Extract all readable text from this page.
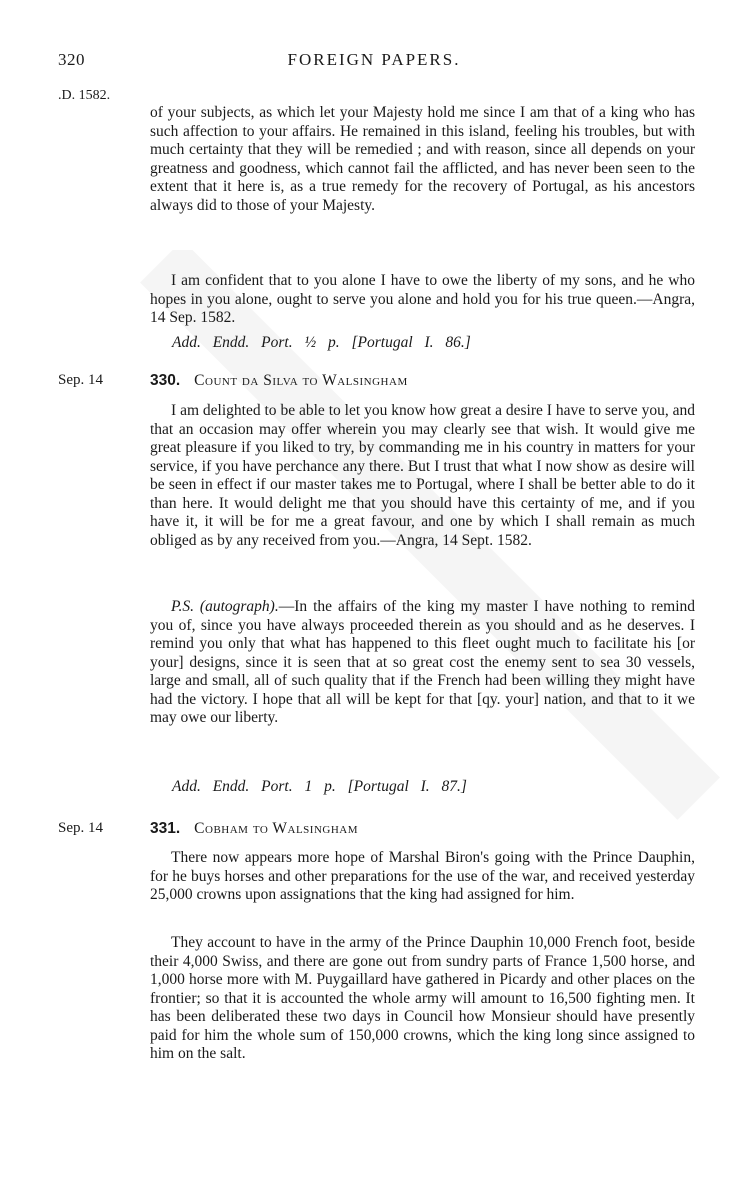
320	FOREIGN PAPERS.
.D. 1582.

of your subjects, as which let your Majesty hold me since I am that of a king who has such affection to your affairs. He remained in this island, feeling his troubles, but with much certainty that they will be remedied ; and with reason, since all depends on your greatness and goodness, which cannot fail the afflicted, and has never been seen to the extent that it here is, as a true remedy for the recovery of Portugal, as his ancestors always did to those of your Majesty.

I am confident that to you alone I have to owe the liberty of my sons, and he who hopes in you alone, ought to serve you alone and hold you for his true queen.—Angra, 14 Sep. 1582.

Add. Endd. Port. ½ p. [Portugal I. 86.]
Sep. 14	330. Count da Silva to Walsingham

I am delighted to be able to let you know how great a desire I have to serve you, and that an occasion may offer wherein you may clearly see that wish. It would give me great pleasure if you liked to try, by commanding me in his country in matters for your service, if you have perchance any there. But I trust that what I now show as desire will be seen in effect if our master takes me to Portugal, where I shall be better able to do it than here. It would delight me that you should have this certainty of me, and if you have it, it will be for me a great favour, and one by which I shall remain as much obliged as by any received from you.—Angra, 14 Sept. 1582.

P.S. (autograph).—In the affairs of the king my master I have nothing to remind you of, since you have always proceeded therein as you should and as he deserves. I remind you only that what has happened to this fleet ought much to facilitate his [or your] designs, since it is seen that at so great cost the enemy sent to sea 30 vessels, large and small, all of such quality that if the French had been willing they might have had the victory. I hope that all will be kept for that [qy. your] nation, and that to it we may owe our liberty.

Add. Endd. Port. 1 p. [Portugal I. 87.]
Sep. 14	331. Cobham to Walsingham

There now appears more hope of Marshal Biron's going with the Prince Dauphin, for he buys horses and other preparations for the use of the war, and received yesterday 25,000 crowns upon assignations that the king had assigned for him.

They account to have in the army of the Prince Dauphin 10,000 French foot, beside their 4,000 Swiss, and there are gone out from sundry parts of France 1,500 horse, and 1,000 horse more with M. Puygaillard have gathered in Picardy and other places on the frontier; so that it is accounted the whole army will amount to 16,500 fighting men. It has been deliberated these two days in Council how Monsieur should have presently paid for him the whole sum of 150,000 crowns, which the king long since assigned to him on the salt.
